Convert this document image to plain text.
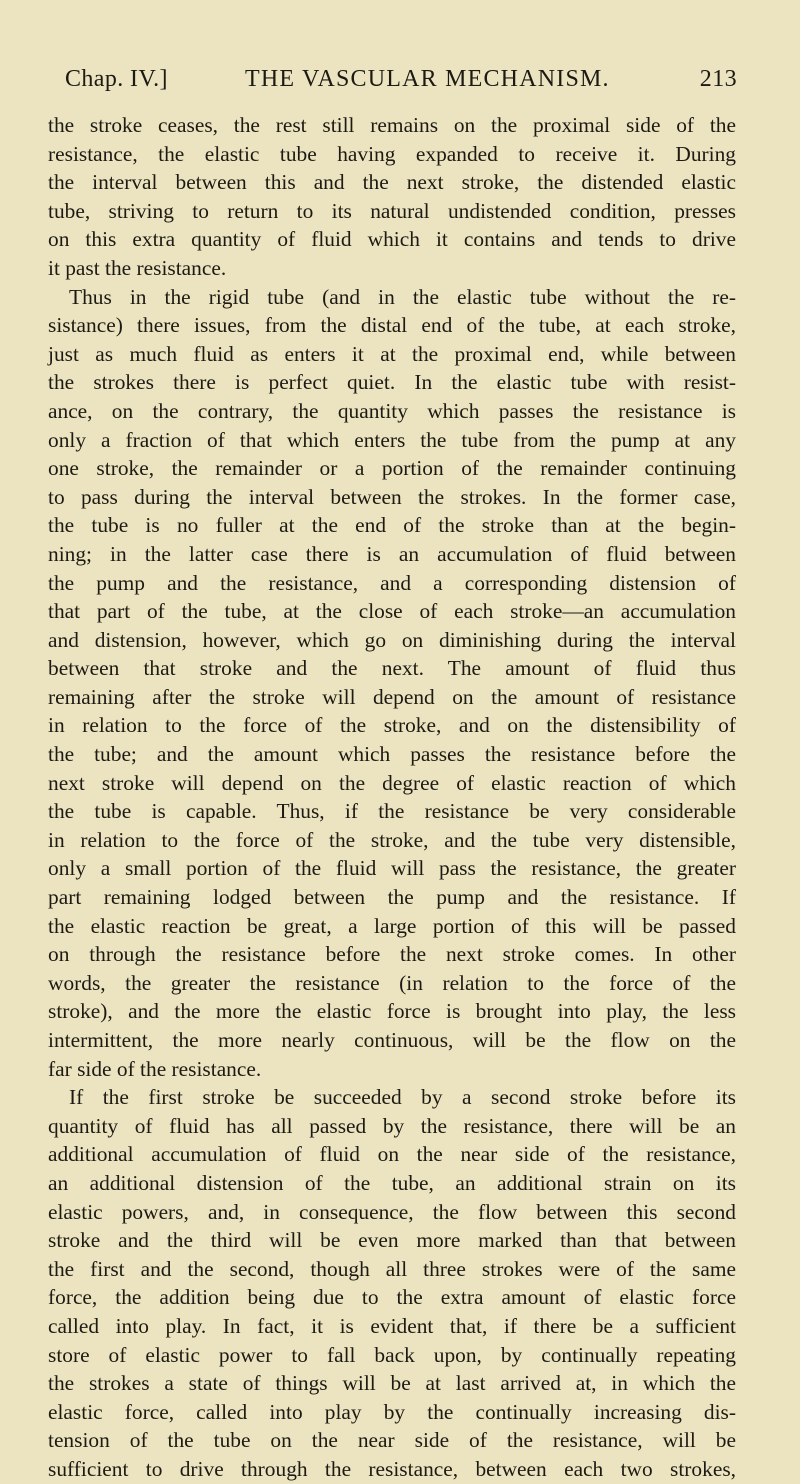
Chap. IV.]	THE VASCULAR MECHANISM.	213
the stroke ceases, the rest still remains on the proximal side of the
resistance, the elastic tube having expanded to receive it. During
the interval between this and the next stroke, the distended elastic
tube, striving to return to its natural undistended condition, presses
on this extra quantity of fluid which it contains and tends to drive
it past the resistance.
Thus in the rigid tube (and in the elastic tube without the re-
sistance) there issues, from the distal end of the tube, at each stroke,
just as much fluid as enters it at the proximal end, while between
the strokes there is perfect quiet. In the elastic tube with resist-
ance, on the contrary, the quantity which passes the resistance is
only a fraction of that which enters the tube from the pump at any
one stroke, the remainder or a portion of the remainder continuing
to pass during the interval between the strokes. In the former case,
the tube is no fuller at the end of the stroke than at the begin-
ning; in the latter case there is an accumulation of fluid between
the pump and the resistance, and a corresponding distension of
that part of the tube, at the close of each stroke—an accumulation
and distension, however, which go on diminishing during the interval
between that stroke and the next. The amount of fluid thus
remaining after the stroke will depend on the amount of resistance
in relation to the force of the stroke, and on the distensibility of
the tube; and the amount which passes the resistance before the
next stroke will depend on the degree of elastic reaction of which
the tube is capable. Thus, if the resistance be very considerable
in relation to the force of the stroke, and the tube very distensible,
only a small portion of the fluid will pass the resistance, the greater
part remaining lodged between the pump and the resistance. If
the elastic reaction be great, a large portion of this will be passed
on through the resistance before the next stroke comes. In other
words, the greater the resistance (in relation to the force of the
stroke), and the more the elastic force is brought into play, the less
intermittent, the more nearly continuous, will be the flow on the
far side of the resistance.
If the first stroke be succeeded by a second stroke before its
quantity of fluid has all passed by the resistance, there will be an
additional accumulation of fluid on the near side of the resistance,
an additional distension of the tube, an additional strain on its
elastic powers, and, in consequence, the flow between this second
stroke and the third will be even more marked than that between
the first and the second, though all three strokes were of the same
force, the addition being due to the extra amount of elastic force
called into play. In fact, it is evident that, if there be a sufficient
store of elastic power to fall back upon, by continually repeating
the strokes a state of things will be at last arrived at, in which the
elastic force, called into play by the continually increasing dis-
tension of the tube on the near side of the resistance, will be
sufficient to drive through the resistance, between each two strokes,
